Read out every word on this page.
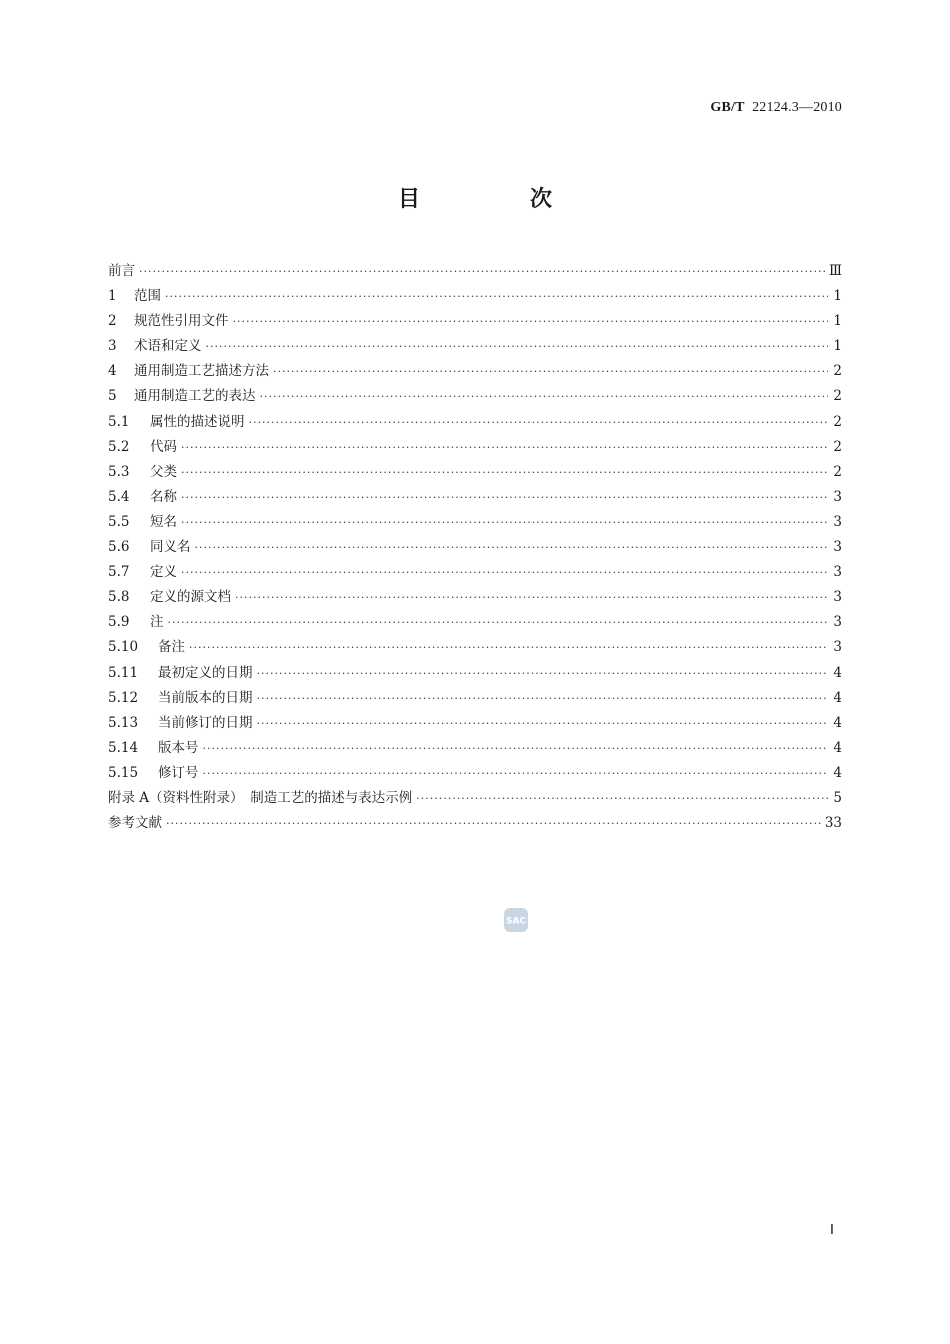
GB/T 22124.3—2010
目　次
前言 ·····	Ⅲ
1 范围 ·····	1
2 规范性引用文件 ·····	1
3 术语和定义 ·····	1
4 通用制造工艺描述方法 ·····	2
5 通用制造工艺的表达 ·····	2
5.1 属性的描述说明 ·····	2
5.2 代码 ·····	2
5.3 父类 ·····	2
5.4 名称 ·····	3
5.5 短名 ·····	3
5.6 同义名 ·····	3
5.7 定义 ·····	3
5.8 定义的源文档 ·····	3
5.9 注 ·····	3
5.10 备注 ·····	3
5.11 最初定义的日期 ·····	4
5.12 当前版本的日期 ·····	4
5.13 当前修订的日期 ·····	4
5.14 版本号 ·····	4
5.15 修订号 ·····	4
附录 A（资料性附录）　制造工艺的描述与表达示例 ·····	5
参考文献 ·····	33
SAC
Ⅰ
